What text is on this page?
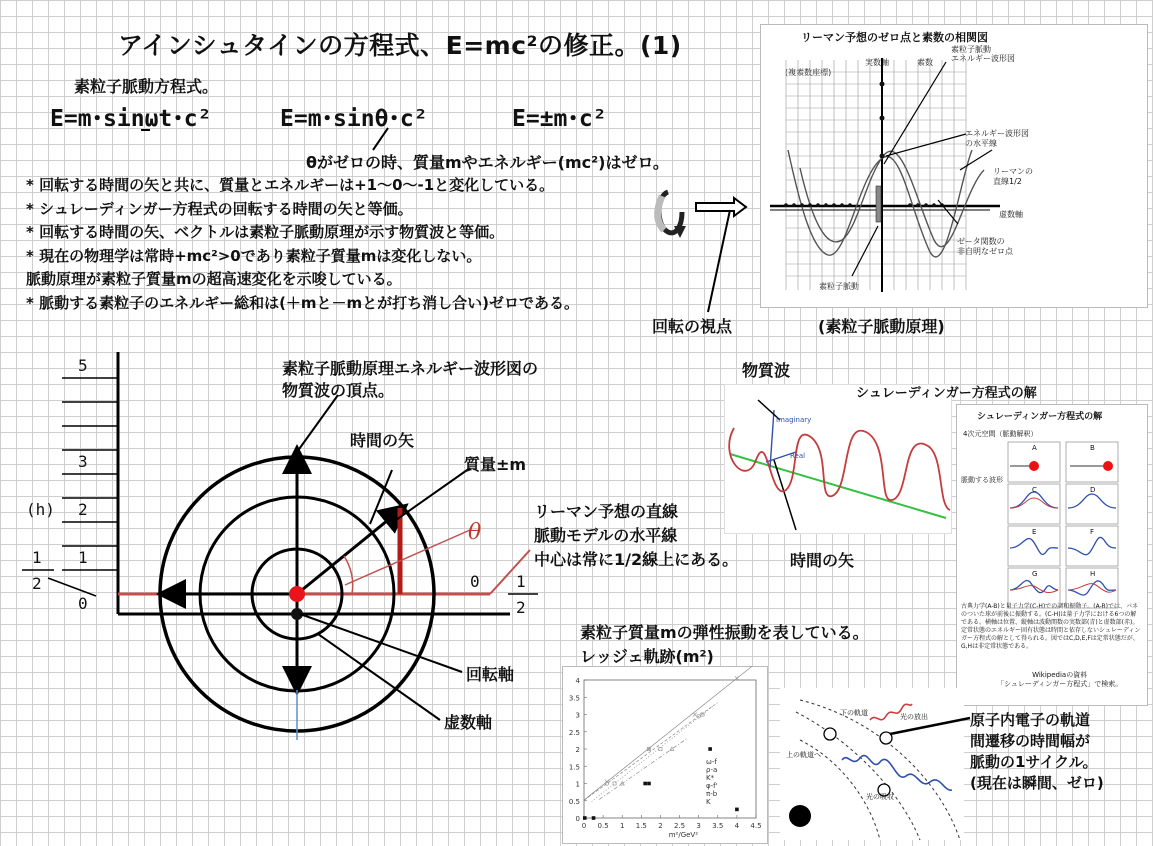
アインシュタインの方程式、E=mc²の修正。(1)
素粒子脈動方程式。
E=m･sinωt･c²	E=m･sinθ･c²	E=±m･c²
θがゼロの時、質量mやエネルギー(mc²)はゼロ。
* 回転する時間の矢と共に、質量とエネルギーは+1～0～-1と変化している。
* シュレーディンガー方程式の回転する時間の矢と等価。
* 回転する時間の矢、ベクトルは素粒子脈動原理が示す物質波と等価。
* 現在の物理学は常時+mc²>0であり素粒子質量mは変化しない。
脈動原理が素粒子質量mの超高速変化を示唆している。
* 脈動する素粒子のエネルギー総和は(＋mと－mとが打ち消し合い)ゼロである。
回転の視点	(素粒子脈動原理)
リーマン予想のゼロ点と素数の相関図
(複素数座標)
実数軸	素数
素粒子脈動
エネルギー波形図
エネルギー波形図
の水平線
リーマンの
直線1/2
虚数軸
ゼータ関数の
非自明なゼロ点
素粒子脈動
シュレーディンガー方程式の解
4次元空間（脈動解釈）
脈動する波形
古典力学(A-B)と量子力学(C-H)での調和振動子。(A-B)では、バネのついた球が前後に振動する。(C-H)は量子力学における6つの解である。横軸は位置、縦軸は波動関数の実数部(青)と虚数部(赤)。定常状態のエネルギー固有状態は時間と依存しないシュレーディンガー方程式の解として得られる。図ではC,D,E,Fは定常状態だが、G,Hは非定常状態である。
Wikipediaの資料
「シュレーディンガー方程式」で検索。
0 0.5 1 1.5 2 2.5 3 3.5 4 4.5
0
0.5
1
1.5
2
2.5
3
3.5
4
m²/GeV²
ω-f
ρ-a
K*
φ-f'
π-b
K
素粒子脈動原理エネルギー波形図の
物質波の頂点。
時間の矢
質量±m
θ
リーマン予想の直線
脈動モデルの水平線
中心は常に1/2線上にある。
回転軸
虚数軸
(h)
5
3
2
1
0
1
2	0 1
2
物質波
時間の矢
Imaginary
Real
シュレーディンガー方程式の解
A	B
C	D
E	F
G	H
素粒子質量mの弾性振動を表している。
レッジェ軌跡(m²)
原子内電子の軌道
間遷移の時間幅が
脈動の1サイクル。
(現在は瞬間、ゼロ)
下の軌道
上の軌道へ
光の放出
光の吸収
